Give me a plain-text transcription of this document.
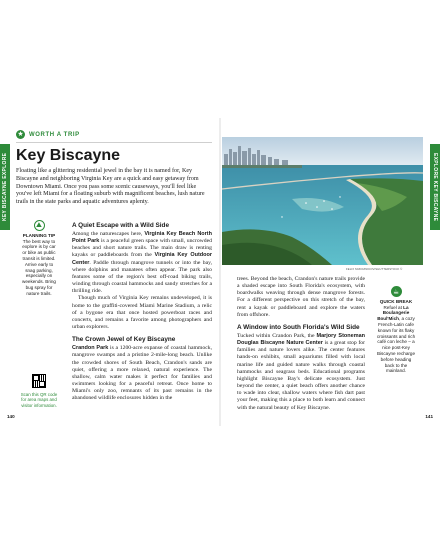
KEY BISCAYNE EXPLORE	EXPLORE KEY BISCAYNE
★ WORTH A TRIP
Key Biscayne

Floating like a glittering residential jewel in the bay it is named for, Key Biscayne and neighboring Virginia Key are a quick and easy getaway from Downtown Miami. Once you pass some scenic causeways, you'll feel like you've left Miami for a floating suburb with magnificent beaches, lush nature trails in the state parks and aquatic adventures aplenty.

⛰
PLANNING TIP
The best way to explore is by car or bike as public transit is limited. Arrive early to snag parking, especially on weekends. Bring bug spray for nature trails.
Scan this QR code for area maps and visitor information.
A Quiet Escape with a Wild Side

Among the naturescapes here, Virginia Key Beach North Point Park is a peaceful green space with small, uncrowded beaches and short nature trails. The main draw is renting kayaks or paddleboards from the Virginia Key Outdoor Center. Paddle through mangrove tunnels or into the bay, where dolphins and manatees often appear. The park also features some of the region's best off-road biking trails, winding through coastal hammocks and sandy stretches for a thrilling ride.

Though much of Virginia Key remains undeveloped, it is home to the graffiti-covered Miami Marine Stadium, a relic of a bygone era that once hosted powerboat races and concerts, and remains a favorite among photographers and urban explorers.

The Crown Jewel of Key Biscayne

Crandon Park is a 1200-acre expanse of coastal hammock, mangrove swamps and a pristine 2-mile-long beach. Unlike the crowded shores of South Beach, Crandon's sands are quiet, offering a more relaxed, natural experience. The shallow, calm water makes it perfect for families and swimmers looking for a peaceful retreat. Once home to Miami's only zoo, remnants of its past remains in the abandoned wildlife enclosures hidden in the

140
FELIX MIZIOZNIKOV/SHUTTERSTOCK ©

trees. Beyond the beach, Crandon's nature trails provide a shaded escape into South Florida's ecosystem, with boardwalks weaving through dense mangrove forests. For a different perspective on this stretch of the bay, rent a kayak or paddleboard and explore the waters from offshore.

A Window into South Florida's Wild Side

Tucked within Crandon Park, the Marjory Stoneman Douglas Biscayne Nature Center is a great stop for families and nature lovers alike. The center features hands-on exhibits, small aquariums filled with local marine life and guided nature walks through coastal hammocks and seagrass beds. Educational programs highlight Biscayne Bay's delicate ecosystem. Just beyond the center, a quiet beach offers another chance to wade into clear, shallow waters where fish dart past your feet, making this a place to both learn and connect with the natural beauty of Key Biscayne.

☕
QUICK BREAK
Refuel at La Boulangerie Boul'Mich, a cozy French-Latin cafe known for its flaky croissants and rich café con leche – a nice post-Key Biscayne recharge before heading back to the mainland.
141
